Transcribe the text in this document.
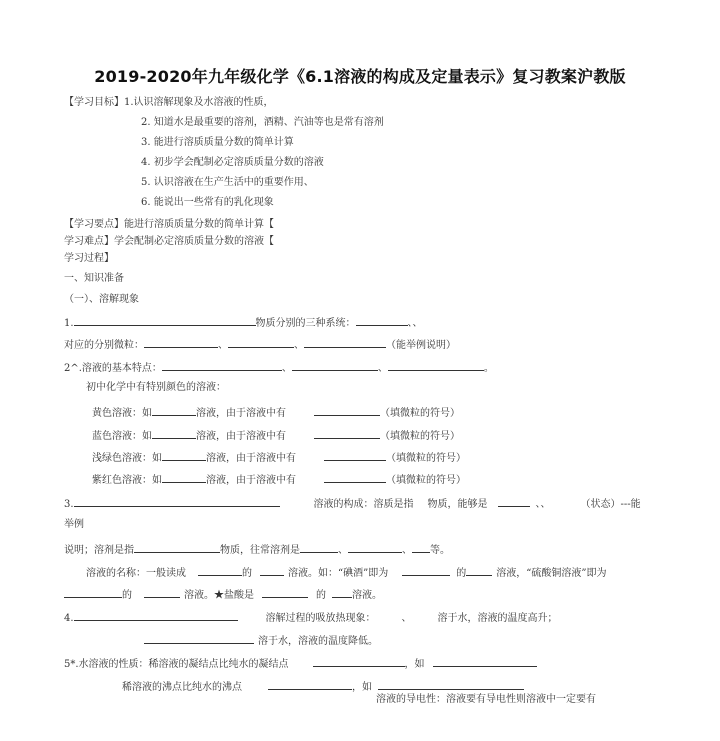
2019-2020年九年级化学《6.1溶液的构成及定量表示》复习教案沪教版
【学习目标】1.认识溶解现象及水溶液的性质，
2. 知道水是最重要的溶剂，酒精、汽油等也是常有溶剂
3. 能进行溶质质量分数的简单计算
4. 初步学会配制必定溶质质量分数的溶液
5. 认识溶液在生产生活中的重要作用、
6. 能说出一些常有的乳化现象
【学习要点】能进行溶质质量分数的简单计算【
学习难点】学会配制必定溶质质量分数的溶液【
学习过程】
一、知识准备
（一）、溶解现象
1.	物质分别的三种系统：	、、
对应的分别微粒：	、	、	（能举例说明）
2^.溶液的基本特点：	、	、	。
初中化学中有特别颜色的溶液：
黄色溶液：如	溶液，由于溶液中有	（填微粒的符号）
蓝色溶液：如	溶液，由于溶液中有	（填微粒的符号）
浅绿色溶液：如	溶液，由于溶液中有	（填微粒的符号）
紫红色溶液：如	溶液，由于溶液中有	（填微粒的符号）
3.	溶液的构成：溶质是指 物质，能够是	、、	（状态）---能
举例
说明；溶剂是指	物质，往常溶剂是	、	、 等。
溶液的名称：一般读成	的	溶液。如：“碘酒”即为	的	溶液，“硫酸铜溶液”即为
的	溶液。★盐酸是	的	溶液。
4.	溶解过程的吸放热现象：	、	溶于水，溶液的温度高升；
溶于水，溶液的温度降低。
5*.水溶液的性质：稀溶液的凝结点比纯水的凝结点	，如
稀溶液的沸点比纯水的沸点	，如
溶液的导电性：溶液要有导电性则溶液中一定要有
